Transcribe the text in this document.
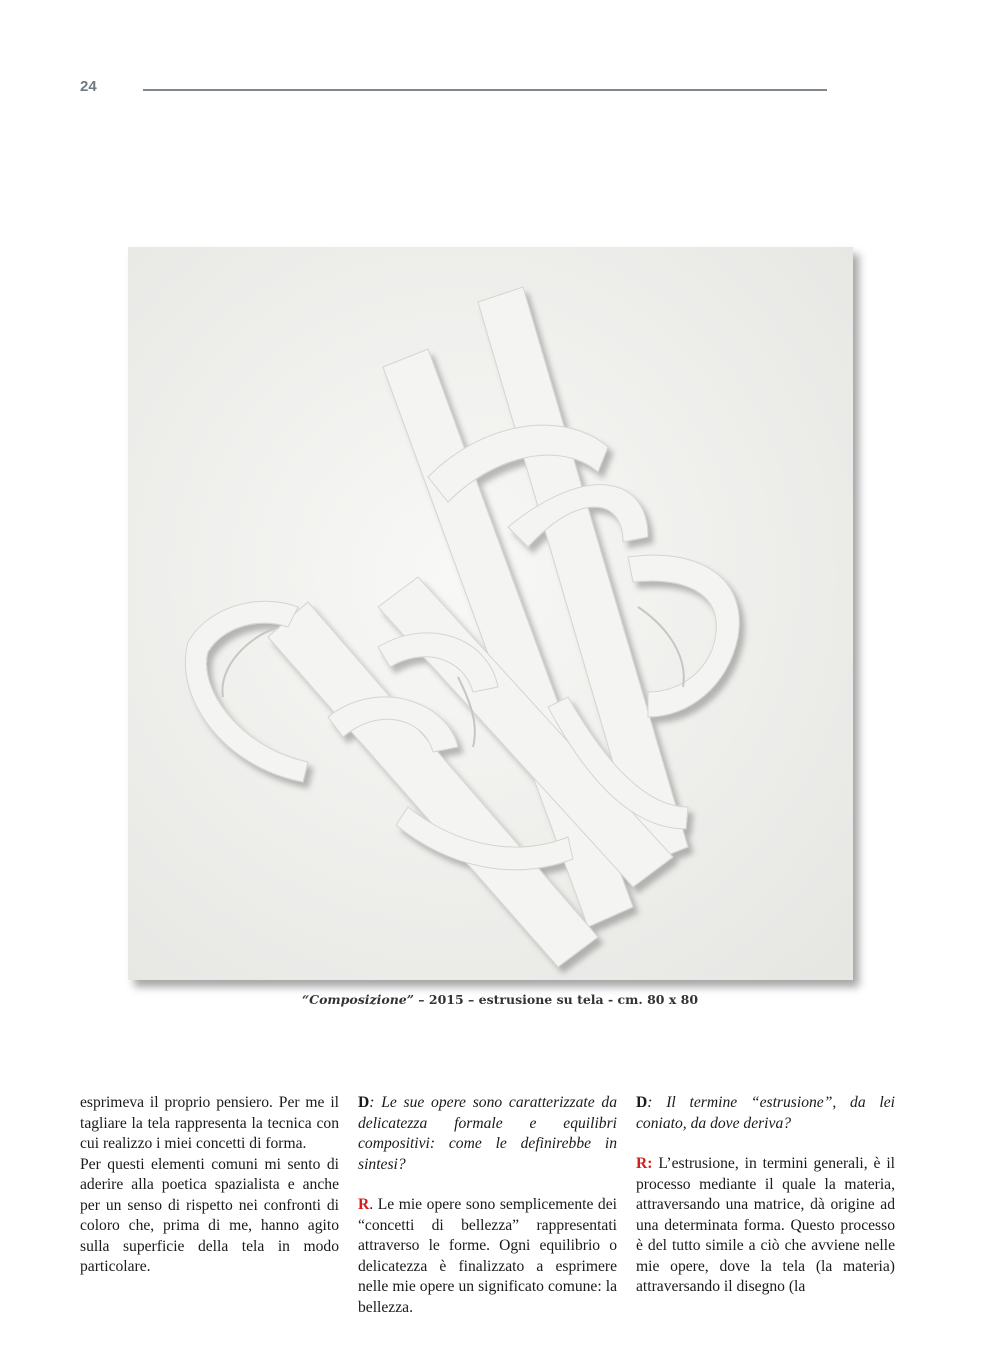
24
“Composizione” – 2015 – estrusione su tela - cm. 80 x 80

esprimeva il proprio pensiero. Per me il tagliare la tela rappresenta la tecnica con cui realizzo i miei concetti di forma.

Per questi elementi comuni mi sento di aderire alla poetica spazialista e anche per un senso di rispetto nei confronti di coloro che, prima di me, hanno agito sulla superficie della tela in modo particolare.

D: Le sue opere sono caratterizzate da delicatezza formale e equilibri compositivi: come le definirebbe in sintesi?

R. Le mie opere sono semplicemente dei “concetti di bellezza” rappresentati attraverso le forme. Ogni equilibrio o delicatezza è finalizzato a esprimere nelle mie opere un significato comune: la bellezza.

D: Il termine “estrusione”, da lei coniato, da dove deriva?

R: L’estrusione, in termini generali, è il processo mediante il quale la materia, attraversando una matrice, dà origine ad una determinata forma. Questo processo è del tutto simile a ciò che avviene nelle mie opere, dove la tela (la materia) attraversando il disegno (la
